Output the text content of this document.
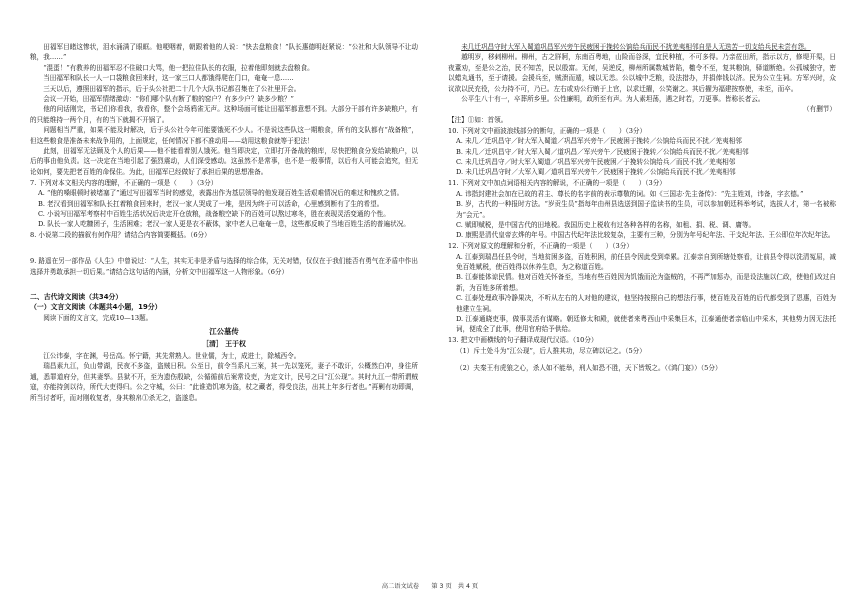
田福军目睹这惨状，泪水涌满了眼眶。他哽咽着，朝跟着他的人说：“快去盘粮食！”队长惠德明赶紧说：“公社和大队领导不让动粮，我……”

“混蛋！”有教养的田福军忍不住破口大骂，他一把拉住队长的衣服，拉着他即刻就去盘粮食。

当田福军和队长一人一口袋粮食回来时，这一家三口人都饿得爬在门口，奄奄一息……

三天以后，遵照田福军的指示，后于头公社把二十几个大队书记都召集在了公社里开会。

会议一开始，田福军情绪激动：“你们哪个队有断了粮的窑户？有多少户？缺多少粮？”

他的问话刚完，书记们你看我，我看你，整个会场鸦雀无声。这种场面可能让田福军都意想不到。大部分干部有许多缺粮户，有的只能维持一两个月，有的当下就揭不开锅了。

问题相当严重，如果不能及时解决，后于头公社今年可能要饿死不少人。不是说这些队这一期粮食，所有的支队都有“战备粮”，但这些粮食是准备未来战争用的，上面规定，任何情况下都不准动用——动用这粮食就等于犯法！

此刻，田福军无法顾及个人的后果——他不能看着别人饿死。他当即决定，立即打开备战的粮库，尽快把粮食分发给缺粮户，以后的事由他负责。这一决定在当地引起了强烈震动，人们深受感动。这虽然不是常事，也不是一般事情，以后有人可能会追究，但无论如何，要先把老百姓的命保住。为此，田福军已经做好了承担后果的思想准备。

7. 下列对本文相关内容的理解，不正确的一项是（　　）（3分）

A. “他的嗓眼顿时被堵塞了”通过写田福军当时的感觉，表露出作为基层领导的他发现百姓生活艰难情况后的难过和愧疚之情。

B. 老汉看到田福军和队长扛着粮食回来时，老汉一家人哭成了一堆，是因为终于可以活命，心里感到断有了生的希望。

C. 小说写田福军考察村中百姓生活状况后决定开仓放粮，战备粮空缺下的百姓可以熬过寒冬，胜在表现灵活变通的个性。

D. 队长一家人吃糠团子，生活困难；老汉一家人更是衣不蔽体，家中老人已奄奄一息，这些都反映了当地百姓生活的普遍状况。

8. 小说第二段的描叙有何作用？请结合内容简要概括。（6分）

9. 路遥在另一部作品《人生》中曾说过：“人生，其实无非是矛盾与选择的综合体，无关对错，仅仅在于我们能否有勇气在矛盾中作出选择并勇敢承担一切后果。”请结合这句话的内涵，分析文中田福军这一人物形象。（6分）

二、古代诗文阅读（共34分）

（一）文言文阅读（本题共4小题，19分）

阅读下面的文言文，完成10—13题。

江公墓传

［清］ 王于权

江公讳泰，字在渊，号岳高。怀宁籍，其先常熟人。世业儒，为士，成进士，除城西令。

瑞昌素九江，负山带湖，民夜不多盗，盗贼日积。公至日，前令当系凡三案，其一先以笼死，妻子不敢讦，公概然白冲，身往所逋，悉罪道府分，但其妻孥。县狱不开，至为遗伤殷缺，公循循前后案常设吏，为定文计，民号之曰“江公现”。其时九江一带所谓贼寇，亦能持剑以待，所代大吏得归。公之守城，公曰：“此谁造饥寒为盗，杖之藏者，得受良法，出其上年多行者也。”再剿有功即调，所当讨者吁，而对刚收复者，身其粮帛①杀无之，盗遂息。

未几迁巩昌守时大军入蜀道巩昌军兴旁午民疲困于挽转公饷给兵而民不扰羌夷相邻自是人无迭苦一切支给兵民未尝有怨。

越明岁，移刺柳州。柳州，古之牂牁，东南百粤地，山险而谷深，宜民种植，不可多得。乃亲莅田所，指示以方，修堤开渠，日夜董劝，至是公之治，民不知苦，民以殷富。无何，吴逆反，柳州所属数城皆陷，檄令不至，复其粮饷，驿道断绝。公孤城独守，密以蜡丸通书，至于请援。会援兵至，贼溃而遁，城以无恙。公以城中乏粮，设法措办，并捐俸钱以济。民为公立生祠。方军兴时，众议欲以民充役，公力持不可，乃已。左右或劝公行贿于上官，以求迁擢，公笑谢之。其后擢为福建按察使，未至，而卒。

公平生八十有一，卒葬所乡里。公性廉明，政所至有声。为人素坦荡，遇之时若，刀更事。皆称长者云。

（有删节）

【注】①如：首领。

10. 下列对文中画波浪线部分的断句，正确的一项是（　　）（3分）

A. 未几／迁巩昌守／时大军入蜀道／巩昌军兴旁午／民疲困于挽转／公饷给兵而民不扰／羌夷相邻

B. 未几／迁巩昌守／时大军入蜀／道巩昌／军兴旁午／民疲困于挽转／公饷给兵而民不扰／羌夷相邻

C. 未几迁巩昌守／时大军入蜀道／巩昌军兴旁午民疲困／于挽转公饷给兵／而民不扰／羌夷相邻

D. 未几迁巩昌守时／大军入蜀／道巩昌军兴旁午／民疲困于挽转／公饷给兵而民不扰／羌夷相邻

11. 下列对文中加点词语相关内容的解说，不正确的一项是（　　）（3分）

A. 讳指封建社会加在已故的君主、尊长的名字前的表示尊敬的词。如《三国志·先主备传》：“先主姓刘，讳备，字玄德。”

B. 岁，古代的一种报时方法。“岁贡生员”指每年由州县选送到国子监读书的生员，可以参加朝廷科举考试，选拔人才，第一名被称为“会元”。

C. 赋即赋税，是中国古代的田地税。我国历史上税收有过各种各样的名称，如租、捐、税、调、庸等。

D. 康熙是清代皇帝玄烨的年号。中国古代纪年法比较复杂，主要有三种，分别为年号纪年法、干支纪年法、王公即位年次纪年法。

12. 下列对原文的理解和分析，不正确的一项是（　　）（3分）

A. 江泰到瑞昌任县令时，当地贫困多盗，百姓积困，前任县令因此受到牵累。江泰亲自到所辖处察看，让前县令得以洗清冤屈，减免百姓赋税，使百姓得以休养生息，为之称道百姓。

B. 江泰能体谅民情。他对百姓关怀备至，当地有些百姓因为饥饿而沦为盗贼的，不再严加惩办，而是设法施以仁政，使他们改过自新，为百姓多所着想。

C. 江泰处理政事冷静果决，不听从左右的人对他的建议，他坚持按照自己的想法行事，使百姓及百姓的后代都受到了恩惠，百姓为他建立生祠。

D. 江泰通晓吏事，做事灵活有谋略。朝廷修太和殿，就使者来粤西山中采集巨木，江泰通使者亲临山中采木，其他势力因无法托词，便成全了此事，使用官府给予供给。

13. 把文中画横线的句子翻译成现代汉语。（10分）

（1）斥土处斗为“江公现”，后人推其功，尽立碑以记之。（5分）

（2）夫秦王有虎狼之心，杀人如不能举，刑人如恐不胜，天下皆叛之。（《鸿门宴》）（5分）

高二语文试卷　　第 3 页　共 4 页
